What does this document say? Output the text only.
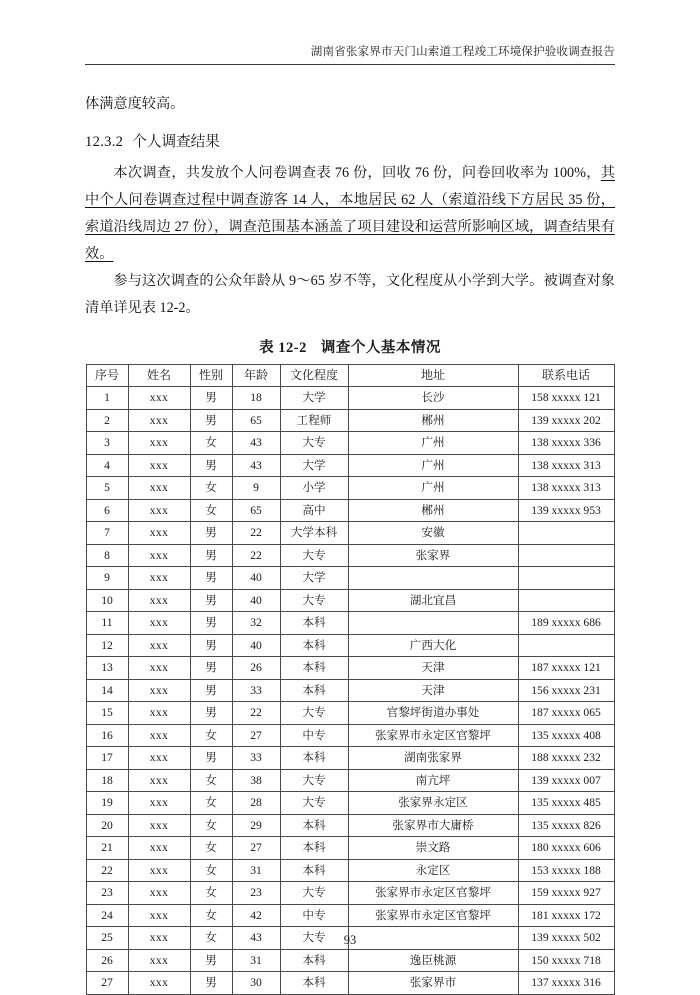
湖南省张家界市天门山索道工程竣工环境保护验收调查报告

体满意度较高。

12.3.2 个人调查结果

本次调查，共发放个人问卷调查表 76 份，回收 76 份，问卷回收率为 100%，其中个人问卷调查过程中调查游客 14 人，本地居民 62 人（索道沿线下方居民 35 份，索道沿线周边 27 份），调查范围基本涵盖了项目建设和运营所影响区域，调查结果有效。

参与这次调查的公众年龄从 9～65 岁不等，文化程度从小学到大学。被调查对象清单详见表 12-2。

表 12-2 调查个人基本情况
序号	姓名	性别	年龄	文化程度	地址	联系电话
1	xxx	男	18	大学	长沙	158 xxxxx 121
2	xxx	男	65	工程师	郴州	139 xxxxx 202
3	xxx	女	43	大专	广州	138 xxxxx 336
4	xxx	男	43	大学	广州	138 xxxxx 313
5	xxx	女	9	小学	广州	138 xxxxx 313
6	xxx	女	65	高中	郴州	139 xxxxx 953
7	xxx	男	22	大学本科	安徽	
8	xxx	男	22	大专	张家界	
9	xxx	男	40	大学		
10	xxx	男	40	大专	湖北宜昌	
11	xxx	男	32	本科		189 xxxxx 686
12	xxx	男	40	本科	广西大化	
13	xxx	男	26	本科	天津	187 xxxxx 121
14	xxx	男	33	本科	天津	156 xxxxx 231
15	xxx	男	22	大专	官黎坪街道办事处	187 xxxxx 065
16	xxx	女	27	中专	张家界市永定区官黎坪	135 xxxxx 408
17	xxx	男	33	本科	湖南张家界	188 xxxxx 232
18	xxx	女	38	大专	南亢坪	139 xxxxx 007
19	xxx	女	28	大专	张家界永定区	135 xxxxx 485
20	xxx	女	29	本科	张家界市大庸桥	135 xxxxx 826
21	xxx	女	27	本科	崇文路	180 xxxxx 606
22	xxx	女	31	本科	永定区	153 xxxxx 188
23	xxx	女	23	大专	张家界市永定区官黎坪	159 xxxxx 927
24	xxx	女	42	中专	张家界市永定区官黎坪	181 xxxxx 172
25	xxx	女	43	大专		139 xxxxx 502
26	xxx	男	31	本科	逸臣桃源	150 xxxxx 718
27	xxx	男	30	本科	张家界市	137 xxxxx 316
93
